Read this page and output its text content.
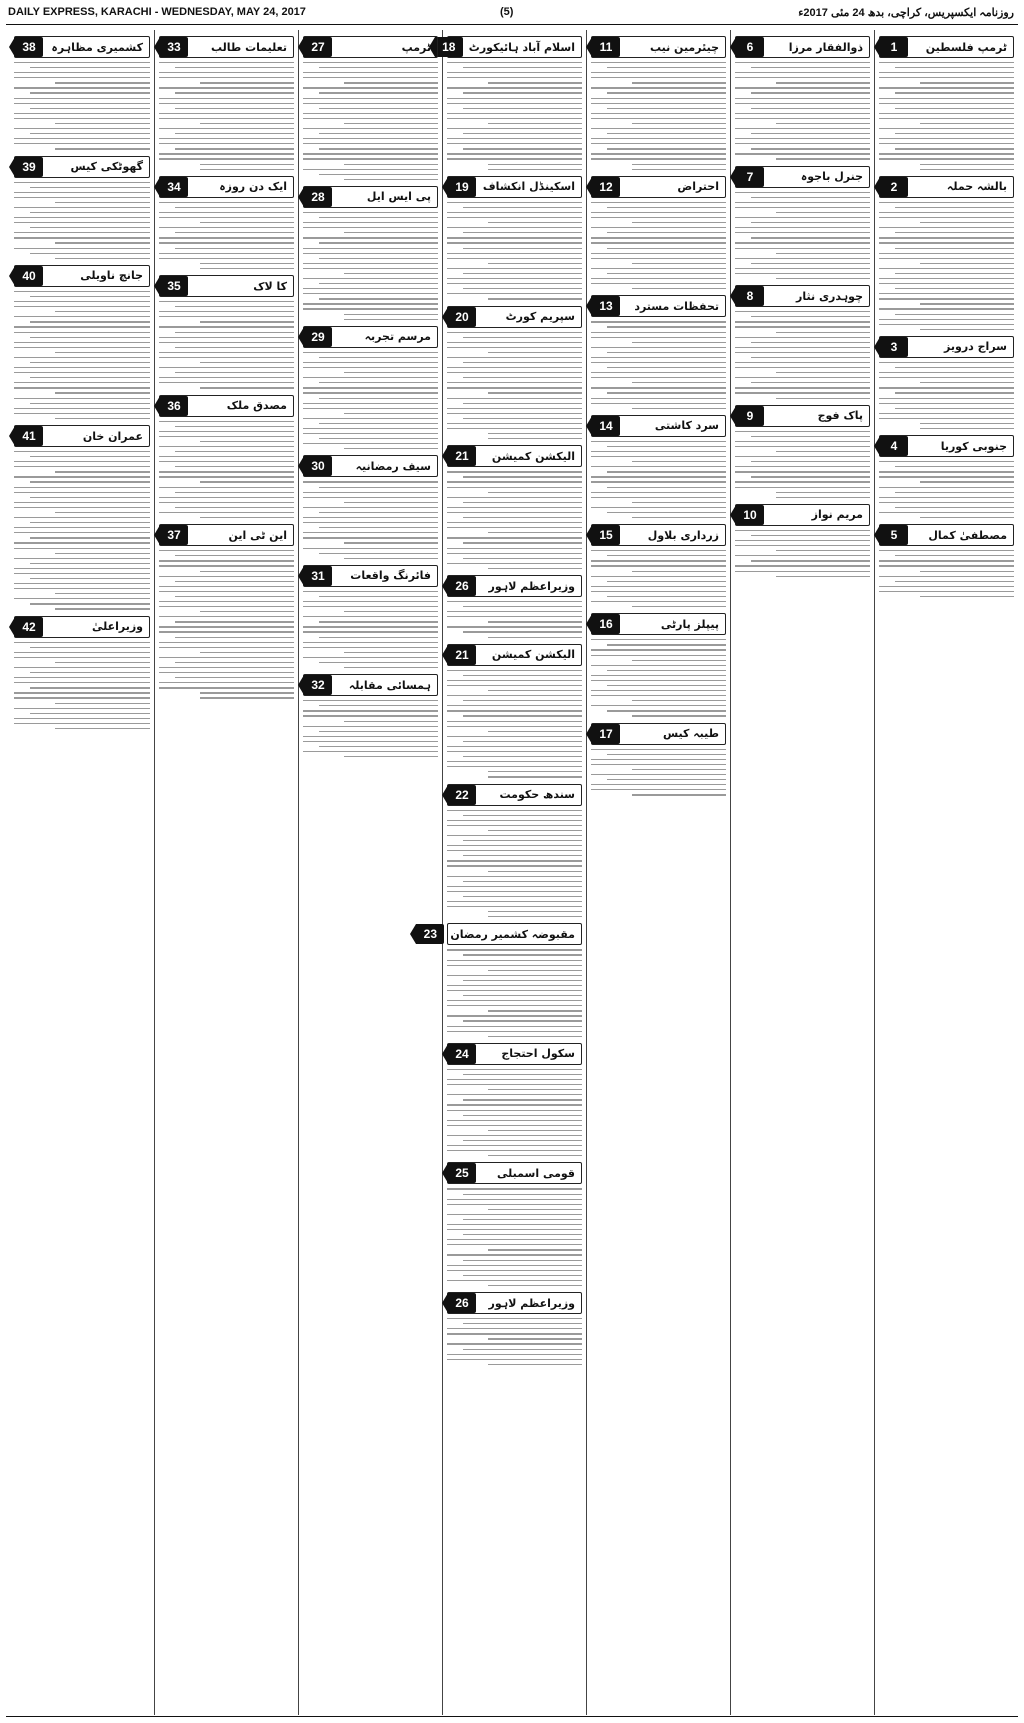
DAILY EXPRESS, KARACHI - WEDNESDAY, MAY 24, 2017	(5)	روزنامہ ایکسپریس، کراچی، بدھ 24 مئی 2017ء
ٹرمپ فلسطین
1
بالشہ حملہ
2
سراج درویز
3
جنوبی کوریا
4
مصطفیٰ کمال
5
ذوالفقار مرزا
6
جنرل باجوہ
7
چوہدری نثار
8
پاک فوج
9
مریم نواز
10
چیئرمین نیب
11
احتراض
12
تحفظات مسترد
13
سرد کاشتی
14
زرداری بلاول
15
پیپلز پارٹی
16
طیبہ کیس
17
اسلام آباد ہائیکورٹ
18
اسکینڈل انکشاف
19
سپریم کورٹ
20
الیکشن کمیشن
21
وزیراعظم لاہور
26
الیکشن کمیشن
21
سندھ حکومت
22
مقبوضہ کشمیر رمضان
23
سکول احتجاج
24
قومی اسمبلی
25
وزیراعظم لاہور
26
ٹرمپ
27
پی ایس ایل
28
مرسم تجربہ
29
سیف رمضانیہ
30
فائرنگ واقعات
31
ہمسائی مقابلہ
32
تعلیمات طالب
33
ایک دن روزہ
34
کا لاک
35
مصدق ملک
36
این ٹی این
37
کشمیری مظاہرہ
38
گھوٹکی کیس
39
جانچ ناویلی
40
عمران خان
41
وزیراعلیٰ
42
